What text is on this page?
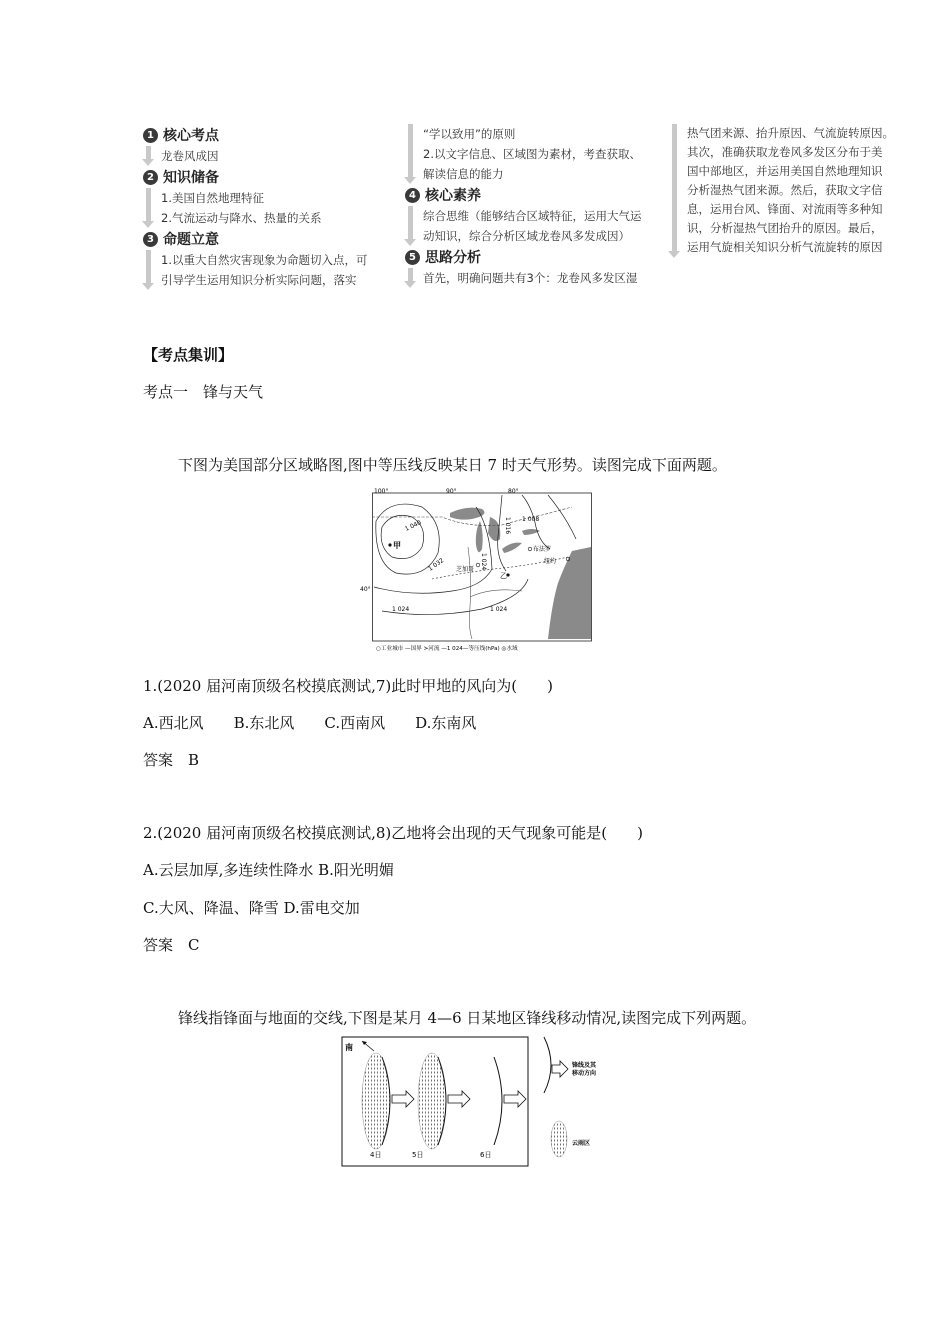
1 核心考点
龙卷风成因
2 知识储备
1.美国自然地理特征
2.气流运动与降水、热量的关系
3 命题立意
1.以重大自然灾害现象为命题切入点，可
引导学生运用知识分析实际问题，落实
“学以致用”的原则
2.以文字信息、区域图为素材，考查获取、
解读信息的能力
4 核心素养
综合思维（能够结合区域特征，运用大气运
动知识，综合分析区域龙卷风多发成因）
5 思路分析
首先，明确问题共有3个：龙卷风多发区湿
热气团来源、抬升原因、气流旋转原因。
其次，准确获取龙卷风多发区分布于美
国中部地区，并运用美国自然地理知识
分析湿热气团来源。然后，获取文字信
息，运用台风、锋面、对流雨等多种知
识，分析湿热气团抬升的原因。最后，
运用气旋相关知识分析气流旋转的原因
【考点集训】
考点一　锋与天气
下图为美国部分区域略图,图中等压线反映某日 7 时天气形势。读图完成下面两题。
100°	90°	80°
40°
1 040
1 032
1 024	1 024
1 016 1 008
1 024
甲
乙
布法罗
纽约
芝加哥
○工业城市 —国界 ≻河流 —1 024—等压线(hPa) ◎水域
1.(2020 届河南顶级名校摸底测试,7)此时甲地的风向为(　　)
A.西北风　　B.东北风　　C.西南风　　D.东南风
答案　B
2.(2020 届河南顶级名校摸底测试,8)乙地将会出现的天气现象可能是(　　)
A.云层加厚,多连续性降水 B.阳光明媚
C.大风、降温、降雪 D.雷电交加
答案　C
锋线指锋面与地面的交线,下图是某月 4—6 日某地区锋线移动情况,读图完成下列两题。
南
4日	5日	6日
锋线及其
移动方向
云雨区
